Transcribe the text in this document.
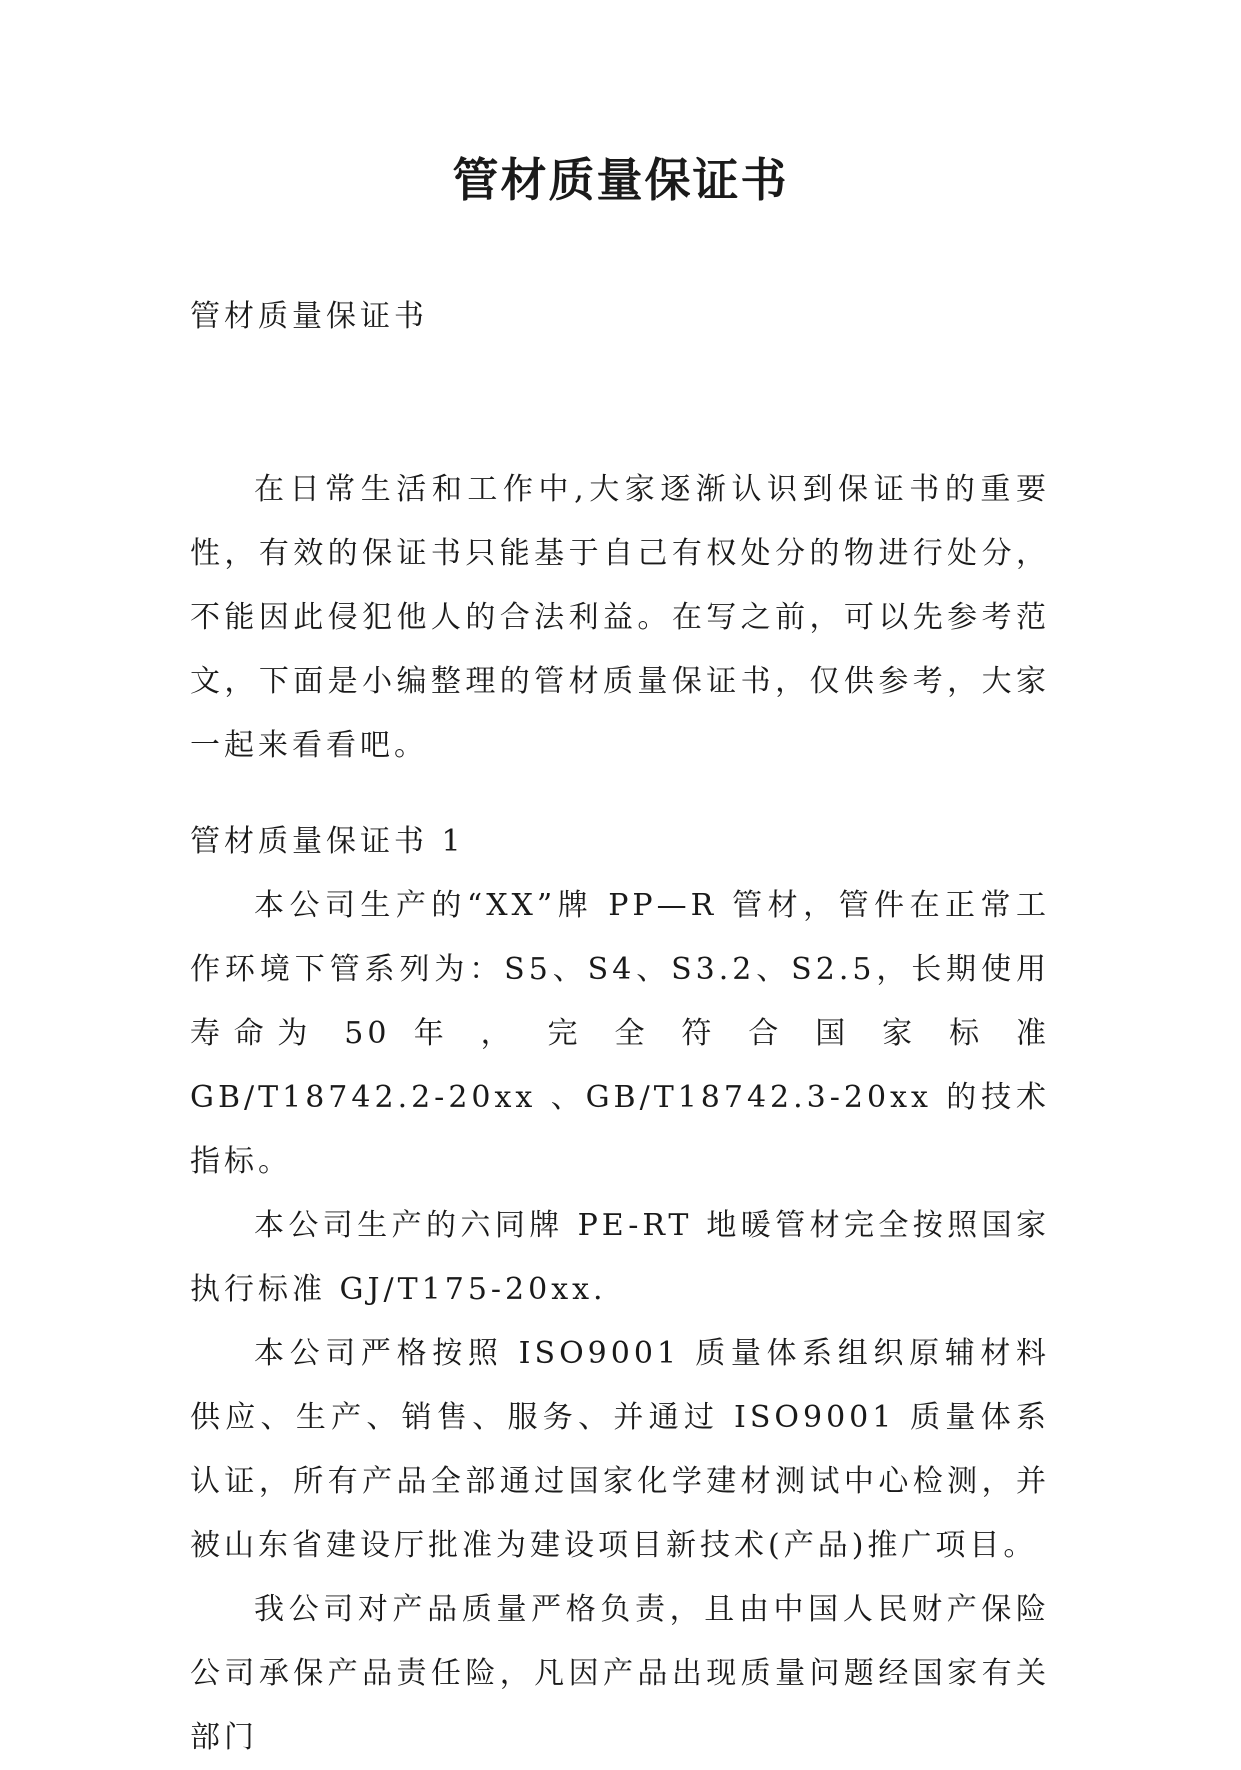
管材质量保证书

管材质量保证书

在日常生活和工作中,大家逐渐认识到保证书的重要性，有效的保证书只能基于自己有权处分的物进行处分，不能因此侵犯他人的合法利益。在写之前，可以先参考范文，下面是小编整理的管材质量保证书，仅供参考，大家一起来看看吧。

管材质量保证书 1

本公司生产的“XX”牌 PP—R 管材，管件在正常工作环境下管系列为：S5、S4、S3.2、S2.5，长期使用寿命为 50 年 ， 完 全 符 合 国 家 标 准 GB/T18742.2-20xx 、GB/T18742.3-20xx 的技术指标。

本公司生产的六同牌 PE-RT 地暖管材完全按照国家执行标准 GJ/T175-20xx.

本公司严格按照 ISO9001 质量体系组织原辅材料供应、生产、销售、服务、并通过 ISO9001 质量体系认证，所有产品全部通过国家化学建材测试中心检测，并被山东省建设厅批准为建设项目新技术(产品)推广项目。

我公司对产品质量严格负责，且由中国人民财产保险公司承保产品责任险，凡因产品出现质量问题经国家有关部门
